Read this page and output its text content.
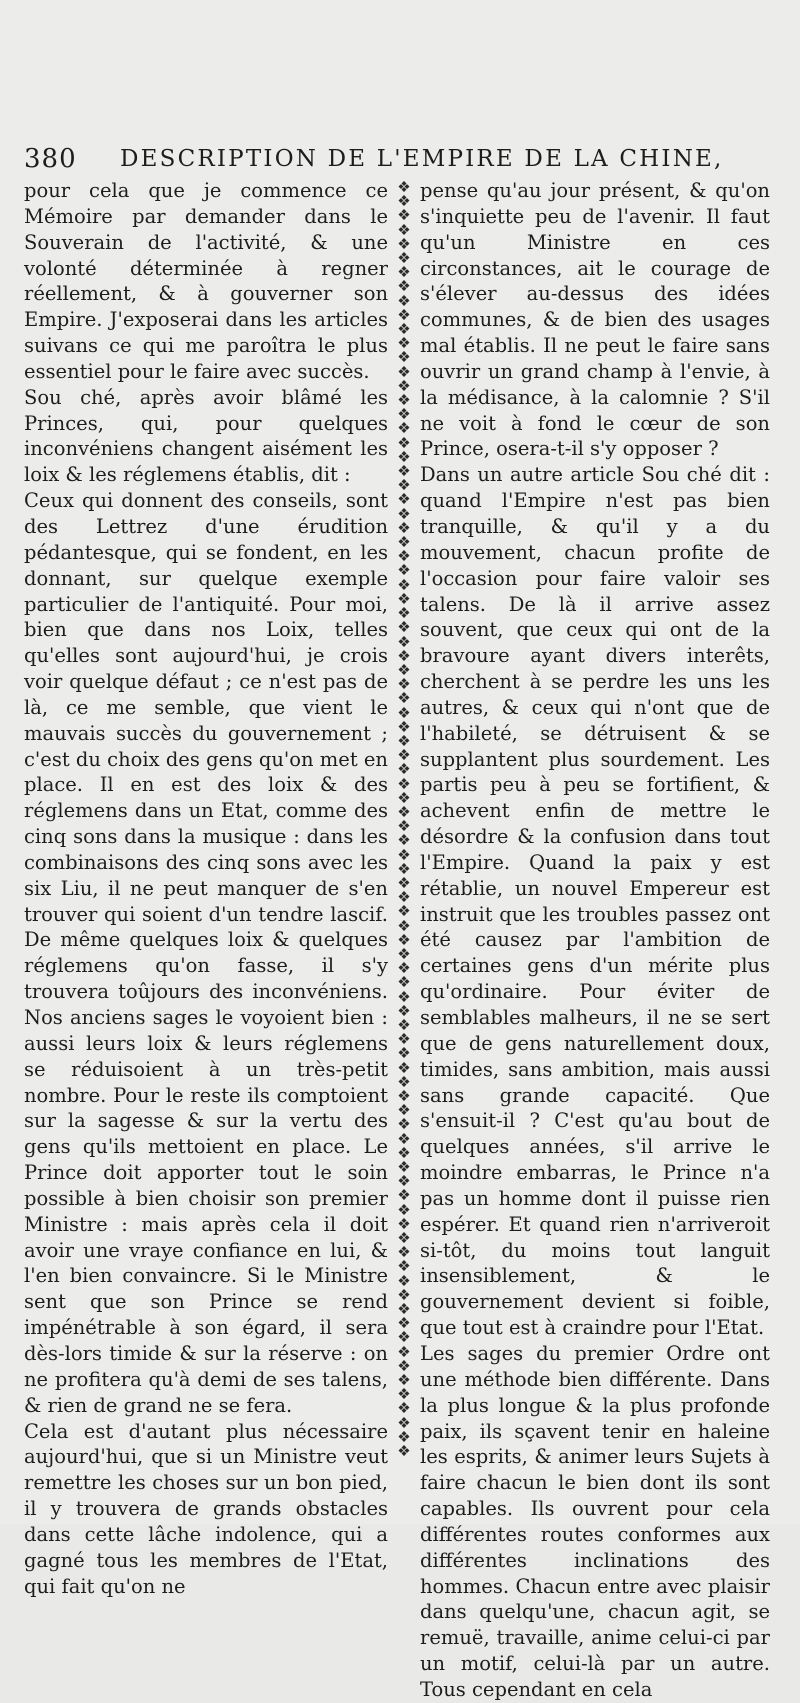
380 DESCRIPTION DE L'EMPIRE DE LA CHINE,

pour cela que je commence ce Mémoire par demander dans le Souverain de l'activité, & une volonté déterminée à regner réellement, & à gouverner son Empire. J'exposerai dans les articles suivans ce qui me paroîtra le plus essentiel pour le faire avec succès.

Sou ché, après avoir blâmé les Princes, qui, pour quelques inconvéniens changent aisément les loix & les réglemens établis, dit :

Ceux qui donnent des conseils, sont des Lettrez d'une érudition pédantesque, qui se fondent, en les donnant, sur quelque exemple particulier de l'antiquité. Pour moi, bien que dans nos Loix, telles qu'elles sont aujourd'hui, je crois voir quelque défaut ; ce n'est pas de là, ce me semble, que vient le mauvais succès du gouvernement ; c'est du choix des gens qu'on met en place. Il en est des loix & des réglemens dans un Etat, comme des cinq sons dans la musique : dans les combinaisons des cinq sons avec les six Liu, il ne peut manquer de s'en trouver qui soient d'un tendre lascif. De même quelques loix & quelques réglemens qu'on fasse, il s'y trouvera toûjours des inconvéniens. Nos anciens sages le voyoient bien : aussi leurs loix & leurs réglemens se réduisoient à un très-petit nombre. Pour le reste ils comptoient sur la sagesse & sur la vertu des gens qu'ils mettoient en place. Le Prince doit apporter tout le soin possible à bien choisir son premier Ministre : mais après cela il doit avoir une vraye confiance en lui, & l'en bien convaincre. Si le Ministre sent que son Prince se rend impénétrable à son égard, il sera dès-lors timide & sur la réserve : on ne profitera qu'à demi de ses talens, & rien de grand ne se fera.

Cela est d'autant plus nécessaire aujourd'hui, que si un Ministre veut remettre les choses sur un bon pied, il y trouvera de grands obstacles dans cette lâche indolence, qui a gagné tous les membres de l'Etat, qui fait qu'on ne

❖
❖
❖
❖
❖
❖
❖
❖
❖
❖
❖
❖
❖
❖
❖
❖
❖
❖
❖
❖
❖
❖
❖
❖
❖
❖
❖
❖
❖
❖
❖
❖
❖
❖
❖
❖
❖
❖
❖
❖
❖
❖
❖
❖
❖
❖
❖
❖
❖
❖
❖
❖
❖
❖
❖
❖
❖
❖
❖
❖
❖
❖
❖
❖
❖
❖
❖
❖
❖
❖
❖
❖
❖
❖
❖
❖
❖
❖
❖
❖
❖
❖
❖
❖
❖
❖
❖
❖
❖
❖

pense qu'au jour présent, & qu'on s'inquiette peu de l'avenir. Il faut qu'un Ministre en ces circonstances, ait le courage de s'élever au-dessus des idées communes, & de bien des usages mal établis. Il ne peut le faire sans ouvrir un grand champ à l'envie, à la médisance, à la calomnie ? S'il ne voit à fond le cœur de son Prince, osera-t-il s'y opposer ?

Dans un autre article Sou ché dit : quand l'Empire n'est pas bien tranquille, & qu'il y a du mouvement, chacun profite de l'occasion pour faire valoir ses talens. De là il arrive assez souvent, que ceux qui ont de la bravoure ayant divers interêts, cherchent à se perdre les uns les autres, & ceux qui n'ont que de l'habileté, se détruisent & se supplantent plus sourdement. Les partis peu à peu se fortifient, & achevent enfin de mettre le désordre & la confusion dans tout l'Empire. Quand la paix y est rétablie, un nouvel Empereur est instruit que les troubles passez ont été causez par l'ambition de certaines gens d'un mérite plus qu'ordinaire. Pour éviter de semblables malheurs, il ne se sert que de gens naturellement doux, timides, sans ambition, mais aussi sans grande capacité. Que s'ensuit-il ? C'est qu'au bout de quelques années, s'il arrive le moindre embarras, le Prince n'a pas un homme dont il puisse rien espérer. Et quand rien n'arriveroit si-tôt, du moins tout languit insensiblement, & le gouvernement devient si foible, que tout est à craindre pour l'Etat.

Les sages du premier Ordre ont une méthode bien différente. Dans la plus longue & la plus profonde paix, ils sçavent tenir en haleine les esprits, & animer leurs Sujets à faire chacun le bien dont ils sont capables. Ils ouvrent pour cela différentes routes conformes aux différentes inclinations des hommes. Chacun entre avec plaisir dans quelqu'une, chacun agit, se remuë, travaille, anime celui-ci par un motif, celui-là par un autre. Tous cependant en cela
